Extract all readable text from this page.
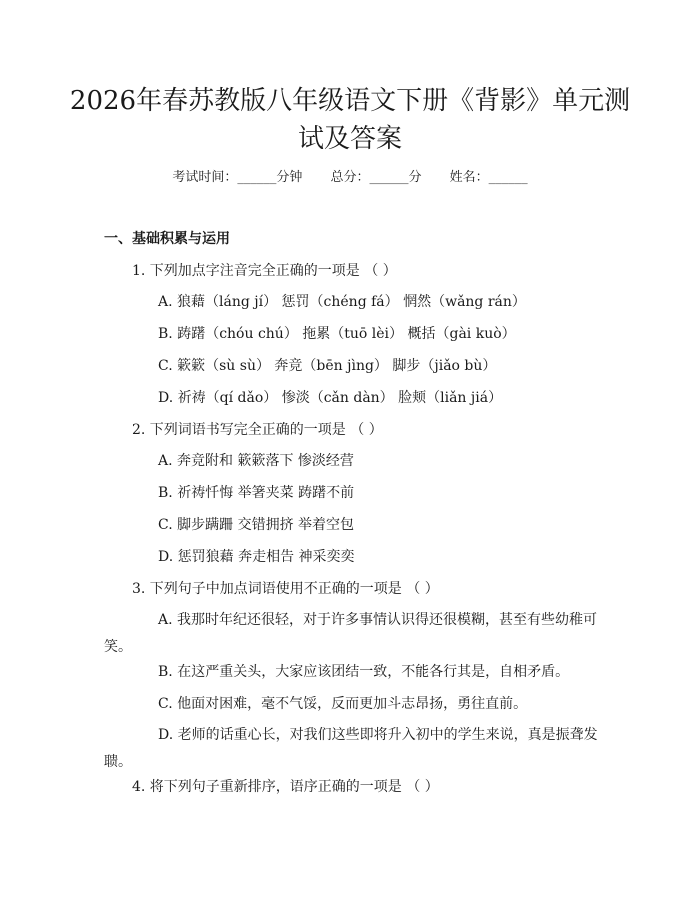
2026年春苏教版八年级语文下册《背影》单元测试及答案
考试时间：______分钟 总分：______分 姓名：______
一、基础积累与运用
1. 下列加点字注音完全正确的一项是 （ ）
A. 狼藉（láng jí） 惩罚（chéng fá） 惘然（wǎng rán）
B. 踌躇（chóu chú） 拖累（tuō lèi） 概括（gài kuò）
C. 簌簌（sù sù） 奔竞（bēn jìng） 脚步（jiǎo bù）
D. 祈祷（qí dǎo） 惨淡（cǎn dàn） 脸颊（liǎn jiá）
2. 下列词语书写完全正确的一项是 （ ）
A. 奔竞附和 簌簌落下 惨淡经营
B. 祈祷忏悔 举箸夹菜 踌躇不前
C. 脚步蹒跚 交错拥挤 举着空包
D. 惩罚狼藉 奔走相告 神采奕奕
3. 下列句子中加点词语使用不正确的一项是 （ ）
A. 我那时年纪还很轻，对于许多事情认识得还很模糊，甚至有些幼稚可笑。
B. 在这严重关头，大家应该团结一致，不能各行其是，自相矛盾。
C. 他面对困难，毫不气馁，反而更加斗志昂扬，勇往直前。
D. 老师的话重心长，对我们这些即将升入初中的学生来说，真是振聋发聩。
4. 将下列句子重新排序，语序正确的一项是 （ ）
